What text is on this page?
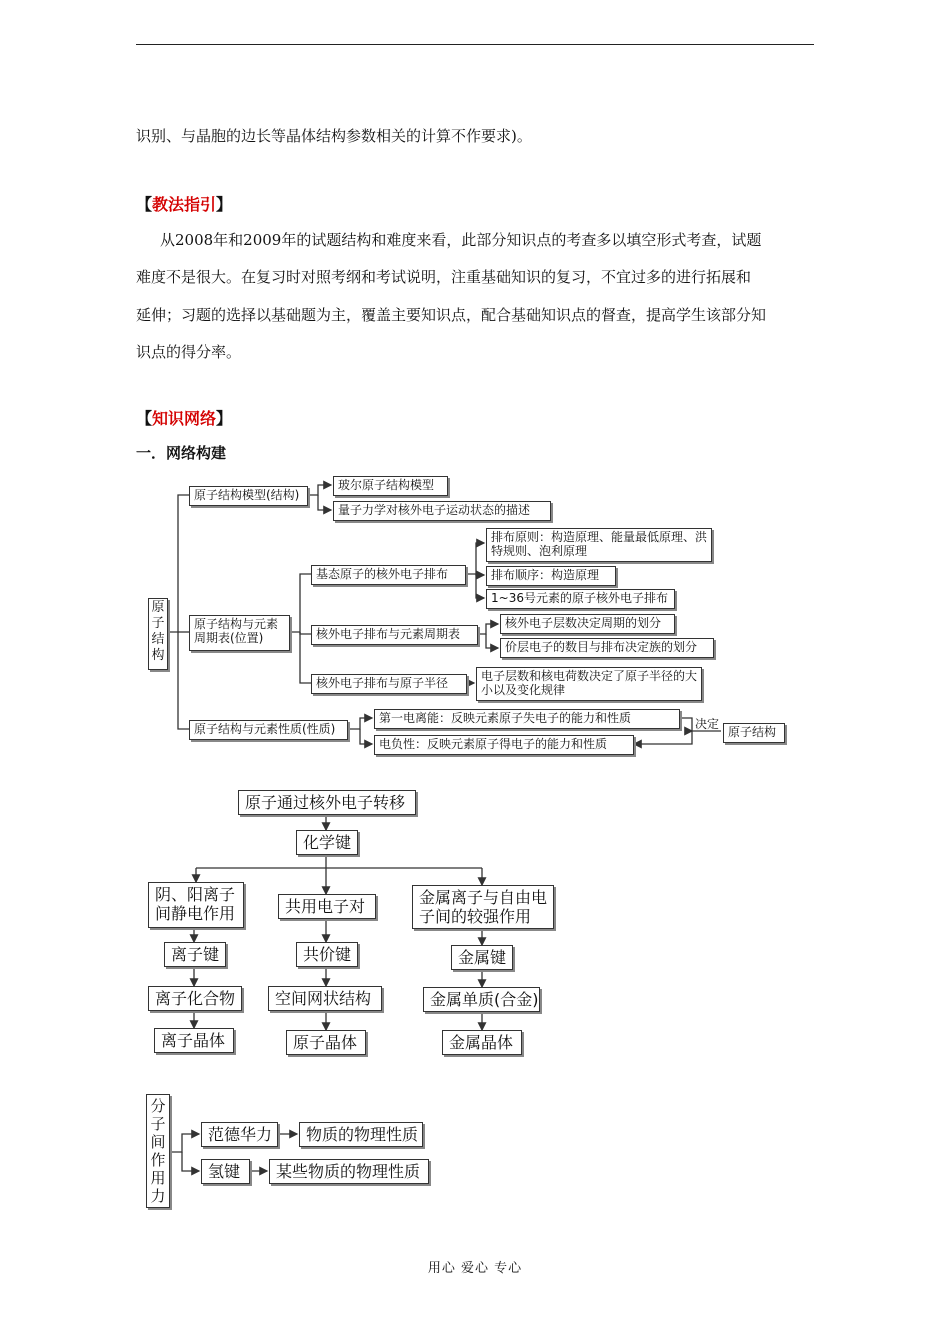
识别、与晶胞的边长等晶体结构参数相关的计算不作要求)。
【教法指引】
从2008年和2009年的试题结构和难度来看，此部分知识点的考查多以填空形式考查，试题
难度不是很大。在复习时对照考纲和考试说明，注重基础知识的复习，不宜过多的进行拓展和
延伸；习题的选择以基础题为主，覆盖主要知识点，配合基础知识点的督查，提高学生该部分知
识点的得分率。
【知识网络】
一．网络构建
原子结构
原子结构模型(结构)
玻尔原子结构模型
量子力学对核外电子运动状态的描述
原子结构与元素周期表(位置)
基态原子的核外电子排布
排布原则：构造原理、能量最低原理、洪特规则、泡利原理
排布顺序：构造原理
1~36号元素的原子核外电子排布
核外电子排布与元素周期表
核外电子层数决定周期的划分
价层电子的数目与排布决定族的划分
核外电子排布与原子半径	电子层数和核电荷数决定了原子半径的大小以及变化规律
原子结构与元素性质(性质)
第一电离能：反映元素原子失电子的能力和性质
电负性：反映元素原子得电子的能力和性质
决定
原子结构
原子通过核外电子转移
化学键
阴、阳离子间静电作用	共用电子对	金属离子与自由电子间的较强作用
离子键	共价键	金属键
离子化合物	空间网状结构	金属单质(合金)
离子晶体	原子晶体	金属晶体
分子间作用力
范德华力	物质的物理性质
氢键	某些物质的物理性质
用心 爱心 专心
